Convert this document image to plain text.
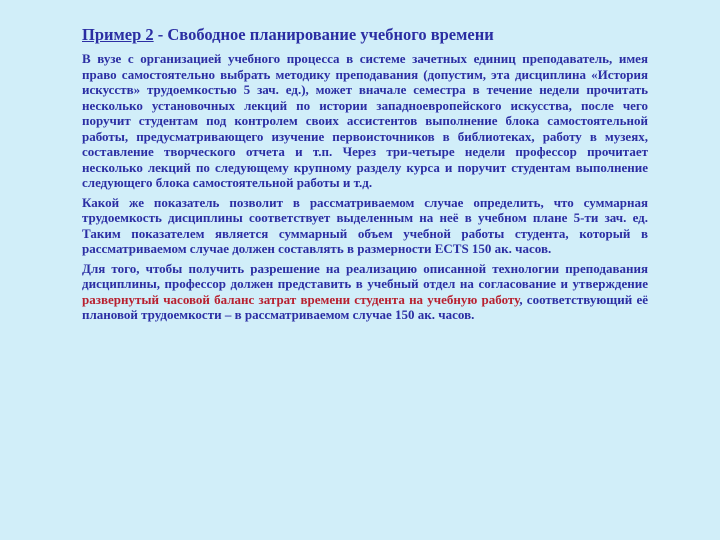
Пример 2 - Свободное планирование учебного времени

В вузе с организацией учебного процесса в системе зачетных единиц преподаватель, имея право самостоятельно выбрать методику преподавания (допустим, эта дисциплина «История искусств» трудоемкостью 5 зач. ед.), может вначале семестра в течение недели прочитать несколько установочных лекций по истории западноевропейского искусства, после чего поручит студентам под контролем своих ассистентов выполнение блока самостоятельной работы, предусматривающего изучение первоисточников в библиотеках, работу в музеях, составление творческого отчета и т.п. Через три-четыре недели профессор прочитает несколько лекций по следующему крупному разделу курса и поручит студентам выполнение следующего блока самостоятельной работы и т.д.

Какой же показатель позволит в рассматриваемом случае определить, что суммарная трудоемкость дисциплины соответствует выделенным на неё в учебном плане 5-ти зач. ед. Таким показателем является суммарный объем учебной работы студента, который в рассматриваемом случае должен составлять в размерности ECTS 150 ак. часов.

Для того, чтобы получить разрешение на реализацию описанной технологии преподавания дисциплины, профессор должен представить в учебный отдел на согласование и утверждение развернутый часовой баланс затрат времени студента на учебную работу, соответствующий её плановой трудоемкости – в рассматриваемом случае 150 ак. часов.
